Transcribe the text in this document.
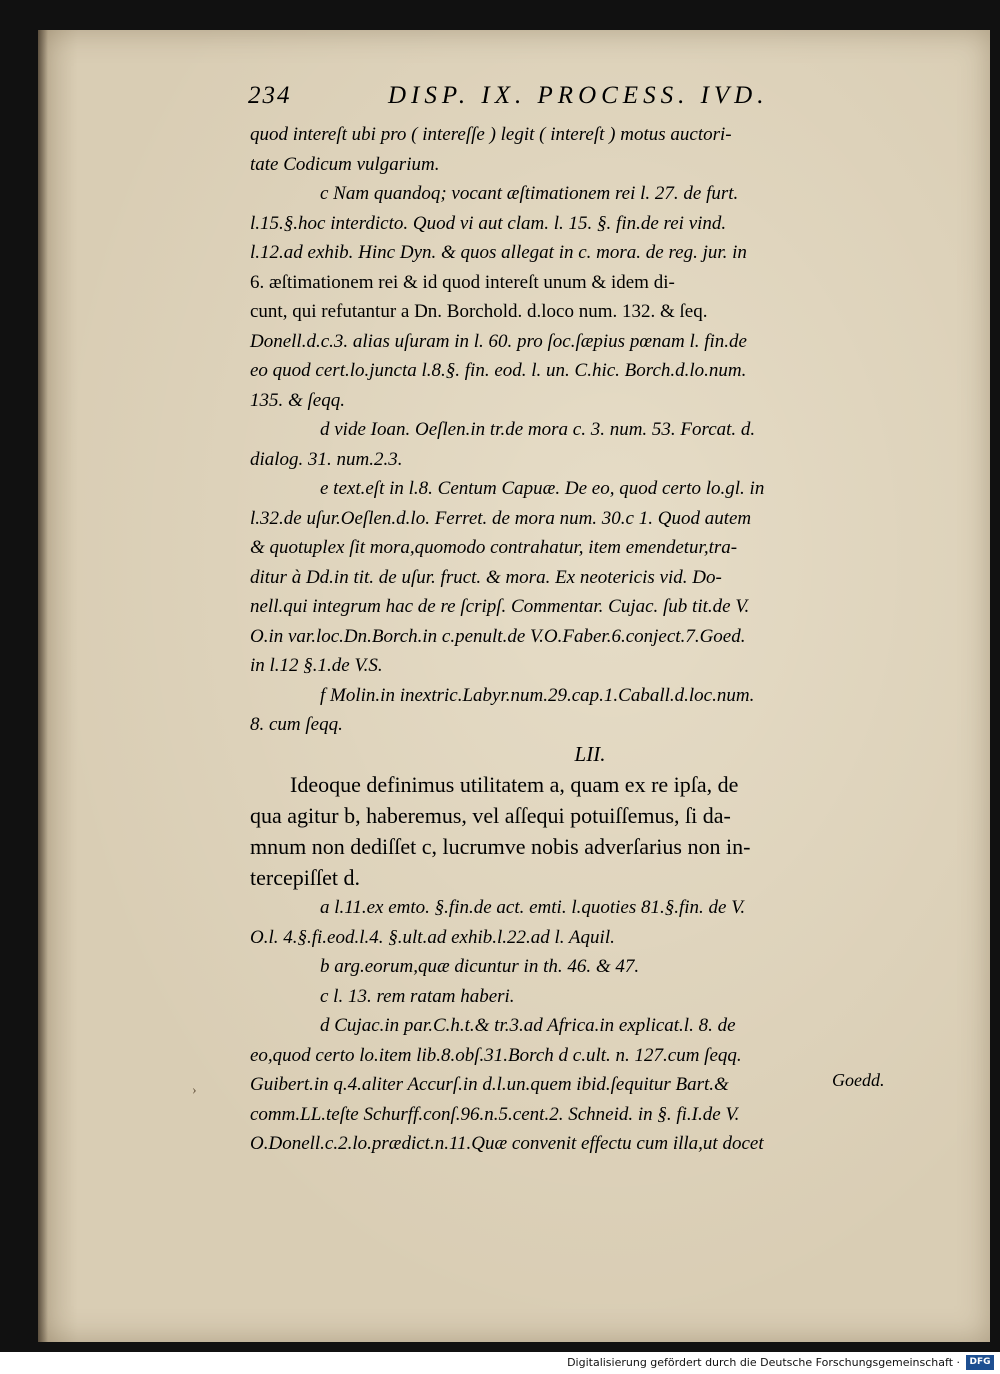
234	DISP. IX. PROCESS. IVD.
quod intereſt ubi pro ( intereſſe ) legit ( intereſt ) motus auctori-
tate Codicum vulgarium.
c Nam quandoq; vocant æſtimationem rei l. 27. de furt.
l.15.§.hoc interdicto. Quod vi aut clam. l. 15. §. fin.de rei vind.
l.12.ad exhib. Hinc Dyn. & quos allegat in c. mora. de reg. jur. in
6. æſtimationem rei & id quod intereſt unum & idem di-
cunt, qui refutantur a Dn. Borchold. d.loco num. 132. & ſeq.
Donell.d.c.3. alias uſuram in l. 60. pro ſoc.ſæpius pœnam l. fin.de
eo quod cert.lo.juncta l.8.§. fin. eod. l. un. C.hic. Borch.d.lo.num.
135. & ſeqq.
d vide Ioan. Oeſlen.in tr.de mora c. 3. num. 53. Forcat. d.
dialog. 31. num.2.3.
e text.eſt in l.8. Centum Capuæ. De eo, quod certo lo.gl. in
l.32.de uſur.Oeſlen.d.lo. Ferret. de mora num. 30.c 1. Quod autem
& quotuplex ſit mora,quomodo contrahatur, item emendetur,tra-
ditur à Dd.in tit. de uſur. fruct. & mora. Ex neotericis vid. Do-
nell.qui integrum hac de re ſcripſ. Commentar. Cujac. ſub tit.de V.
O.in var.loc.Dn.Borch.in c.penult.de V.O.Faber.6.conject.7.Goed.
in l.12 §.1.de V.S.
f Molin.in inextric.Labyr.num.29.cap.1.Caball.d.loc.num.
8. cum ſeqq.
LII.
Ideoque definimus utilitatem a, quam ex re ipſa, de
qua agitur b, haberemus, vel aſſequi potuiſſemus, ſi da-
mnum non dediſſet c, lucrumve nobis adverſarius non in-
tercepiſſet d.
a l.11.ex emto. §.fin.de act. emti. l.quoties 81.§.fin. de V.
O.l. 4.§.fi.eod.l.4. §.ult.ad exhib.l.22.ad l. Aquil.
b arg.eorum,quæ dicuntur in th. 46. & 47.
c l. 13. rem ratam haberi.
d Cujac.in par.C.h.t.& tr.3.ad Africa.in explicat.l. 8. de
eo,quod certo lo.item lib.8.obſ.31.Borch d c.ult. n. 127.cum ſeqq.
Guibert.in q.4.aliter Accurſ.in d.l.un.quem ibid.ſequitur Bart.&
comm.LL.teſte Schurff.conſ.96.n.5.cent.2. Schneid. in §. fi.I.de V.
O.Donell.c.2.lo.prædict.n.11.Quæ convenit effectu cum illa,ut docet
›
Goedd.
Digitalisierung gefördert durch die Deutsche Forschungsgemeinschaft ·	DFG
